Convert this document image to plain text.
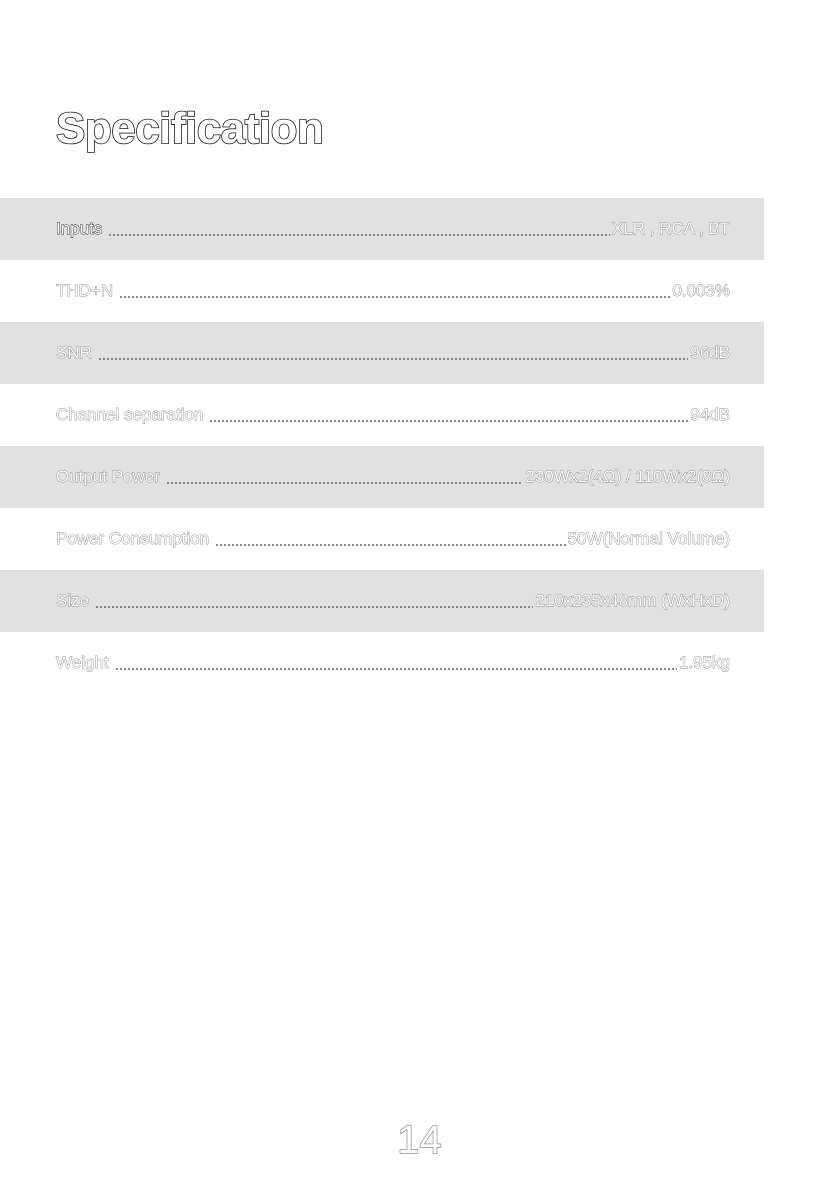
Specification
Inputs	XLR , RCA , BT
THD+N	0.003%
SNR	96dB
Channel separation	94dB
Output Power	230Wx2(4Ω) / 110Wx2(8Ω)
Power Consumption	50W(Normal Volume)
Size	210x235x48mm (WxHxD)
Weight	1.95kg
14
